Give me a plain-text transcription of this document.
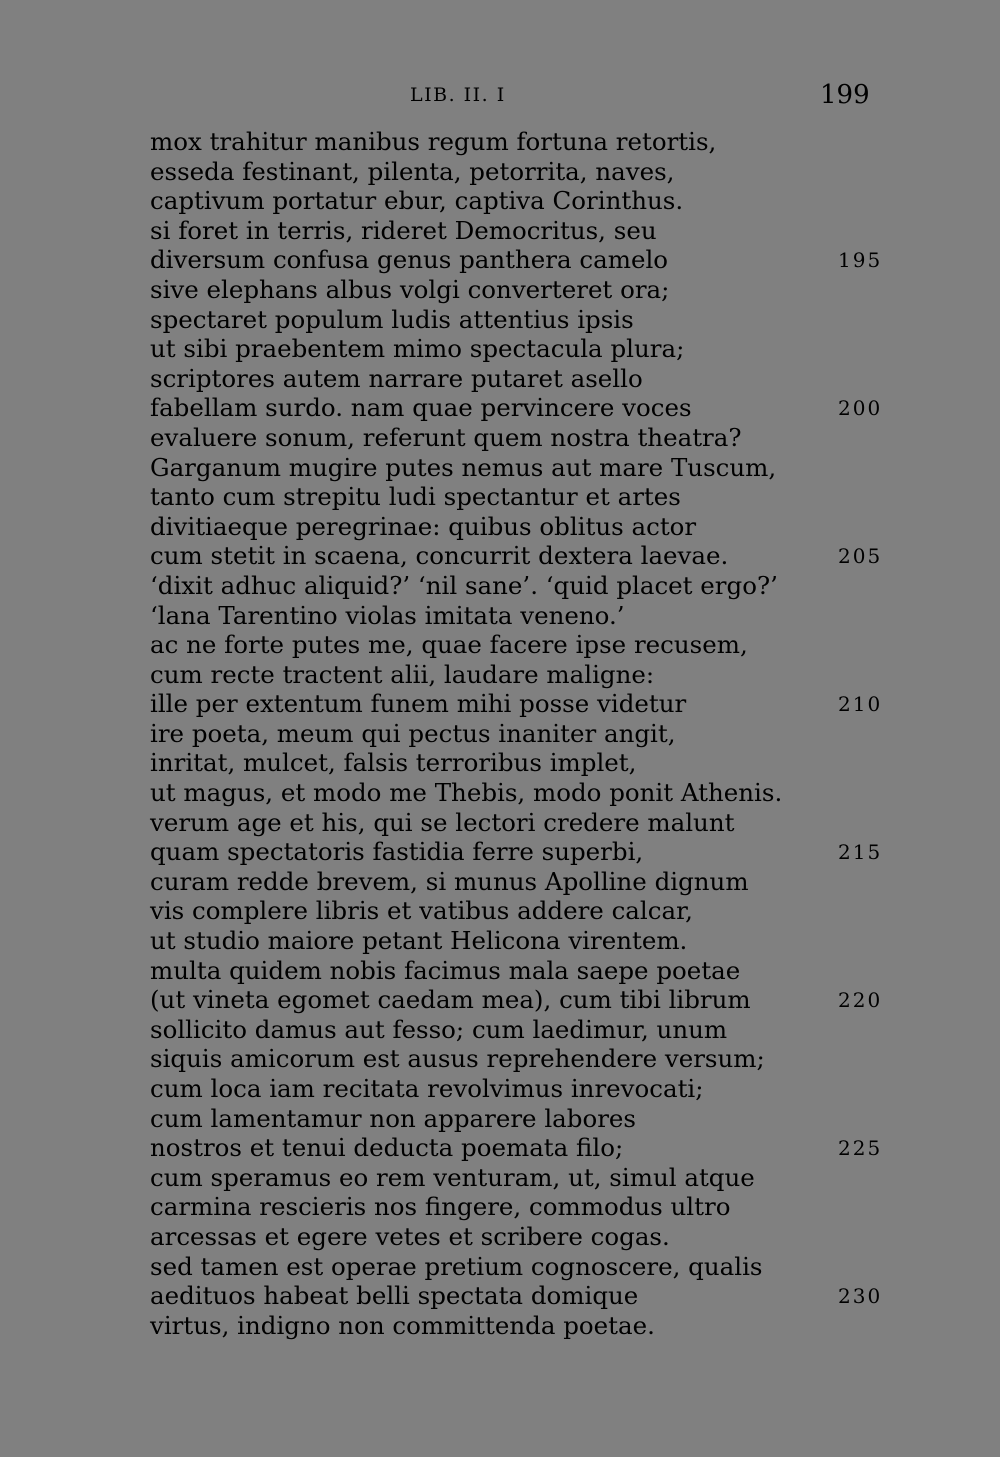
LIB. II. I	199
mox trahitur manibus regum fortuna retortis,
esseda festinant, pilenta, petorrita, naves,
captivum portatur ebur, captiva Corinthus.
si foret in terris, rideret Democritus, seu
diversum confusa genus panthera camelo	195
sive elephans albus volgi converteret ora;
spectaret populum ludis attentius ipsis
ut sibi praebentem mimo spectacula plura;
scriptores autem narrare putaret asello
fabellam surdo. nam quae pervincere voces	200
evaluere sonum, referunt quem nostra theatra?
Garganum mugire putes nemus aut mare Tuscum,
tanto cum strepitu ludi spectantur et artes
divitiaeque peregrinae: quibus oblitus actor
cum stetit in scaena, concurrit dextera laevae.	205
‘dixit adhuc aliquid?’ ‘nil sane’. ‘quid placet ergo?’
‘lana Tarentino violas imitata veneno.’
ac ne forte putes me, quae facere ipse recusem,
cum recte tractent alii, laudare maligne:
ille per extentum funem mihi posse videtur	210
ire poeta, meum qui pectus inaniter angit,
inritat, mulcet, falsis terroribus implet,
ut magus, et modo me Thebis, modo ponit Athenis.
verum age et his, qui se lectori credere malunt
quam spectatoris fastidia ferre superbi,	215
curam redde brevem, si munus Apolline dignum
vis complere libris et vatibus addere calcar,
ut studio maiore petant Helicona virentem.
multa quidem nobis facimus mala saepe poetae
(ut vineta egomet caedam mea), cum tibi librum	220
sollicito damus aut fesso; cum laedimur, unum
siquis amicorum est ausus reprehendere versum;
cum loca iam recitata revolvimus inrevocati;
cum lamentamur non apparere labores
nostros et tenui deducta poemata filo;	225
cum speramus eo rem venturam, ut, simul atque
carmina rescieris nos fingere, commodus ultro
arcessas et egere vetes et scribere cogas.
sed tamen est operae pretium cognoscere, qualis
aedituos habeat belli spectata domique	230
virtus, indigno non committenda poetae.
